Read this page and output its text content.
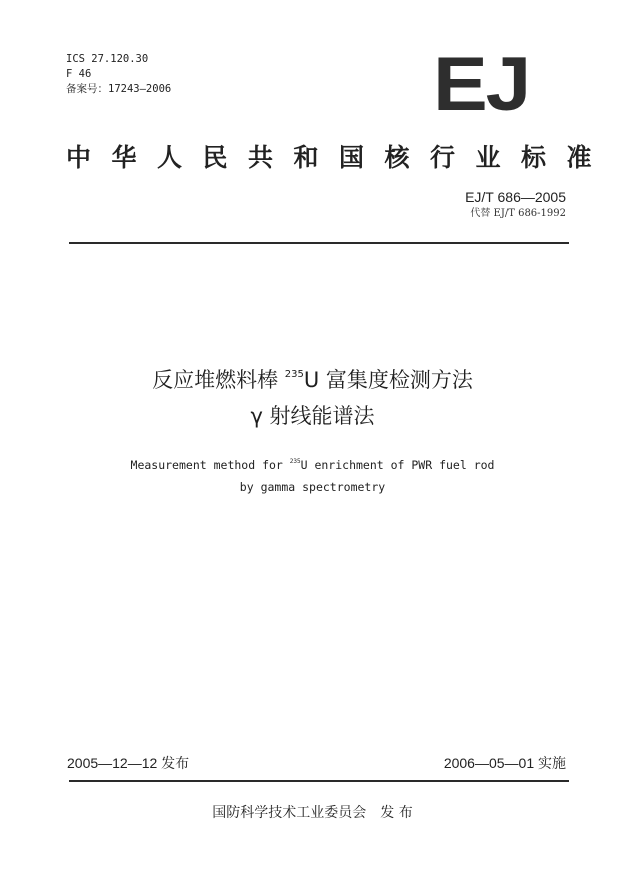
ICS 27.120.30
F 46
备案号：17243—2006	EJ
中华人民共和国核行业标准
EJ/T 686—2005
代替 EJ/T 686-1992
反应堆燃料棒 $^{235}$U 富集度检测方法
γ 射线能谱法
Measurement method for $^{235}$U enrichment of PWR fuel rod
by gamma spectrometry
2005—12—12 发布	2006—05—01 实施
国防科学技术工业委员会 发 布
